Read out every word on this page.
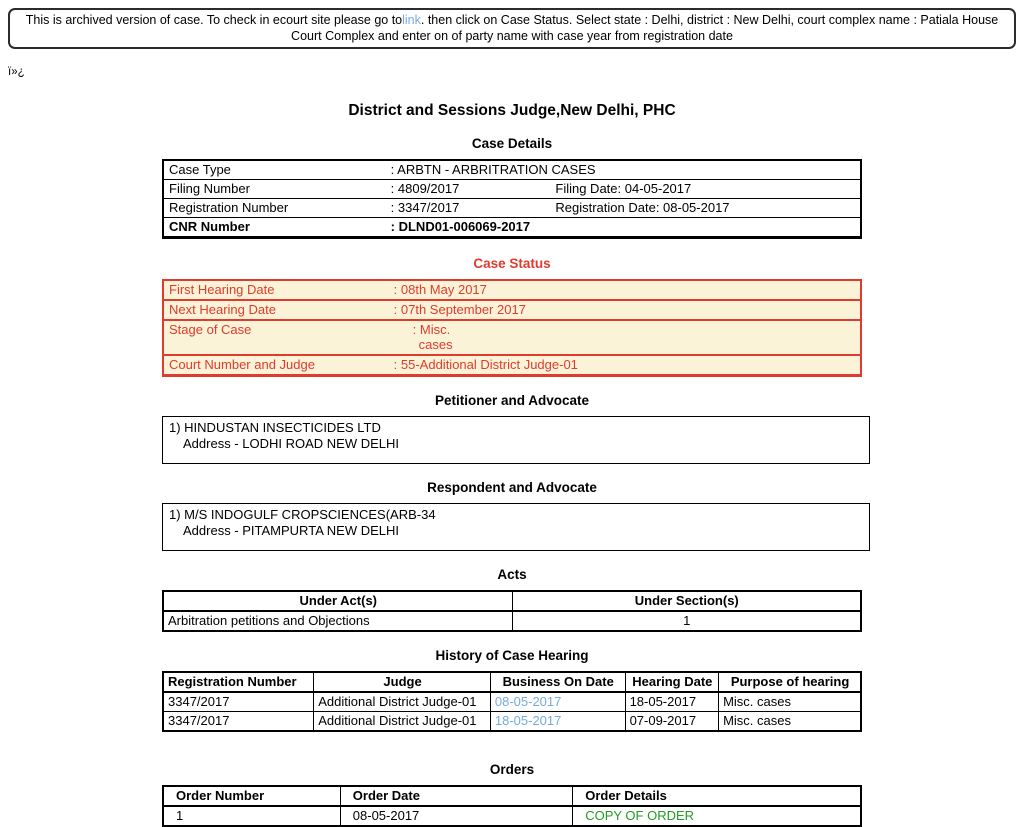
This is archived version of case. To check in ecourt site please go tolink. then click on Case Status. Select state : Delhi, district : New Delhi, court complex name : Patiala House Court Complex and enter on of party name with case year from registration date
ï»¿
District and Sessions Judge,New Delhi, PHC
Case Details
Case Type	: ARBTN - ARBRITRATION CASES	
Filing Number	: 4809/2017	Filing Date: 04-05-2017
Registration Number	: 3347/2017	Registration Date: 08-05-2017
CNR Number	: DLND01-006069-2017	
Case Status
First Hearing Date	: 08th May 2017
Next Hearing Date	: 07th September 2017
Stage of Case	: Misc.
cases

Court Number and Judge	: 55-Additional District Judge-01
Petitioner and Advocate
1) HINDUSTAN INSECTICIDES LTD
Address - LODHI ROAD NEW DELHI
Respondent and Advocate
1) M/S INDOGULF CROPSCIENCES(ARB-34
Address - PITAMPURTA NEW DELHI
Acts
Under Act(s)	Under Section(s)
Arbitration petitions and Objections	1
History of Case Hearing
Registration Number	Judge	Business On Date	Hearing Date	Purpose of hearing
3347/2017	Additional District Judge-01	08-05-2017	18-05-2017	Misc. cases
3347/2017	Additional District Judge-01	18-05-2017	07-09-2017	Misc. cases
Orders
Order Number	Order Date	Order Details
1	08-05-2017	COPY OF ORDER
